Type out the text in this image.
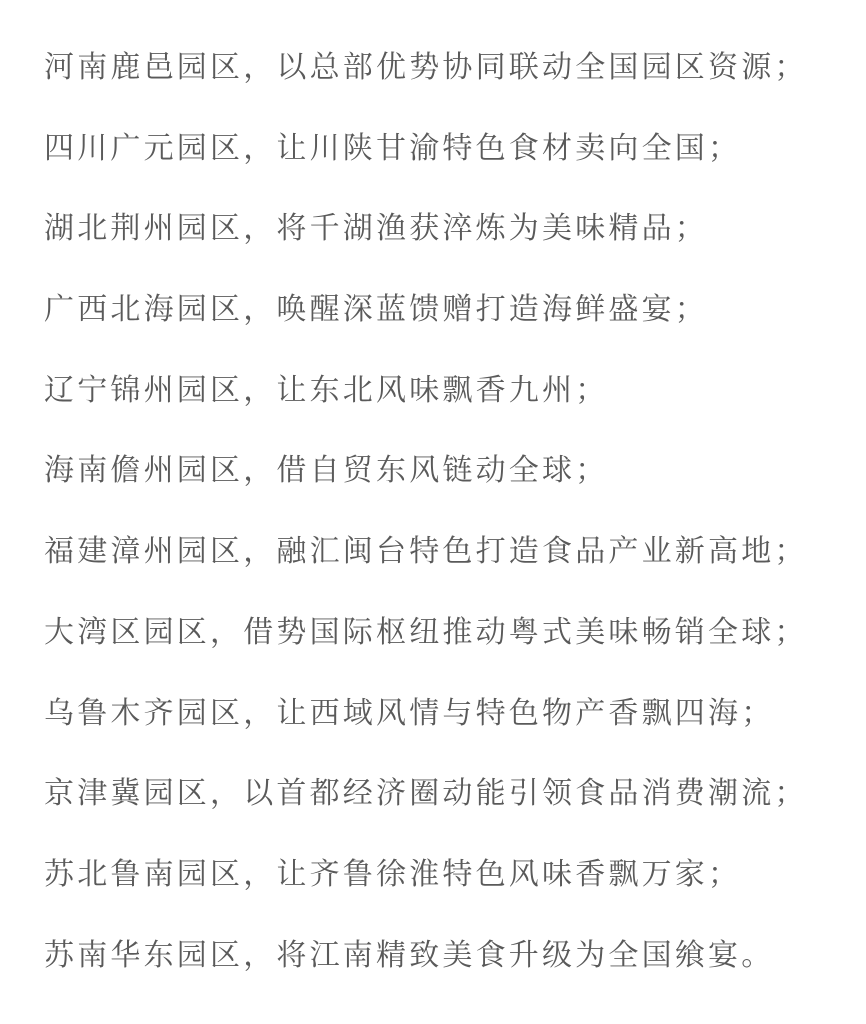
河南鹿邑园区，以总部优势协同联动全国园区资源；
四川广元园区，让川陕甘渝特色食材卖向全国；
湖北荆州园区，将千湖渔获淬炼为美味精品；
广西北海园区，唤醒深蓝馈赠打造海鲜盛宴；
辽宁锦州园区，让东北风味飘香九州；
海南儋州园区，借自贸东风链动全球；
福建漳州园区，融汇闽台特色打造食品产业新高地；
大湾区园区，借势国际枢纽推动粤式美味畅销全球；
乌鲁木齐园区，让西域风情与特色物产香飘四海；
京津冀园区，以首都经济圈动能引领食品消费潮流；
苏北鲁南园区，让齐鲁徐淮特色风味香飘万家；
苏南华东园区，将江南精致美食升级为全国飨宴。
